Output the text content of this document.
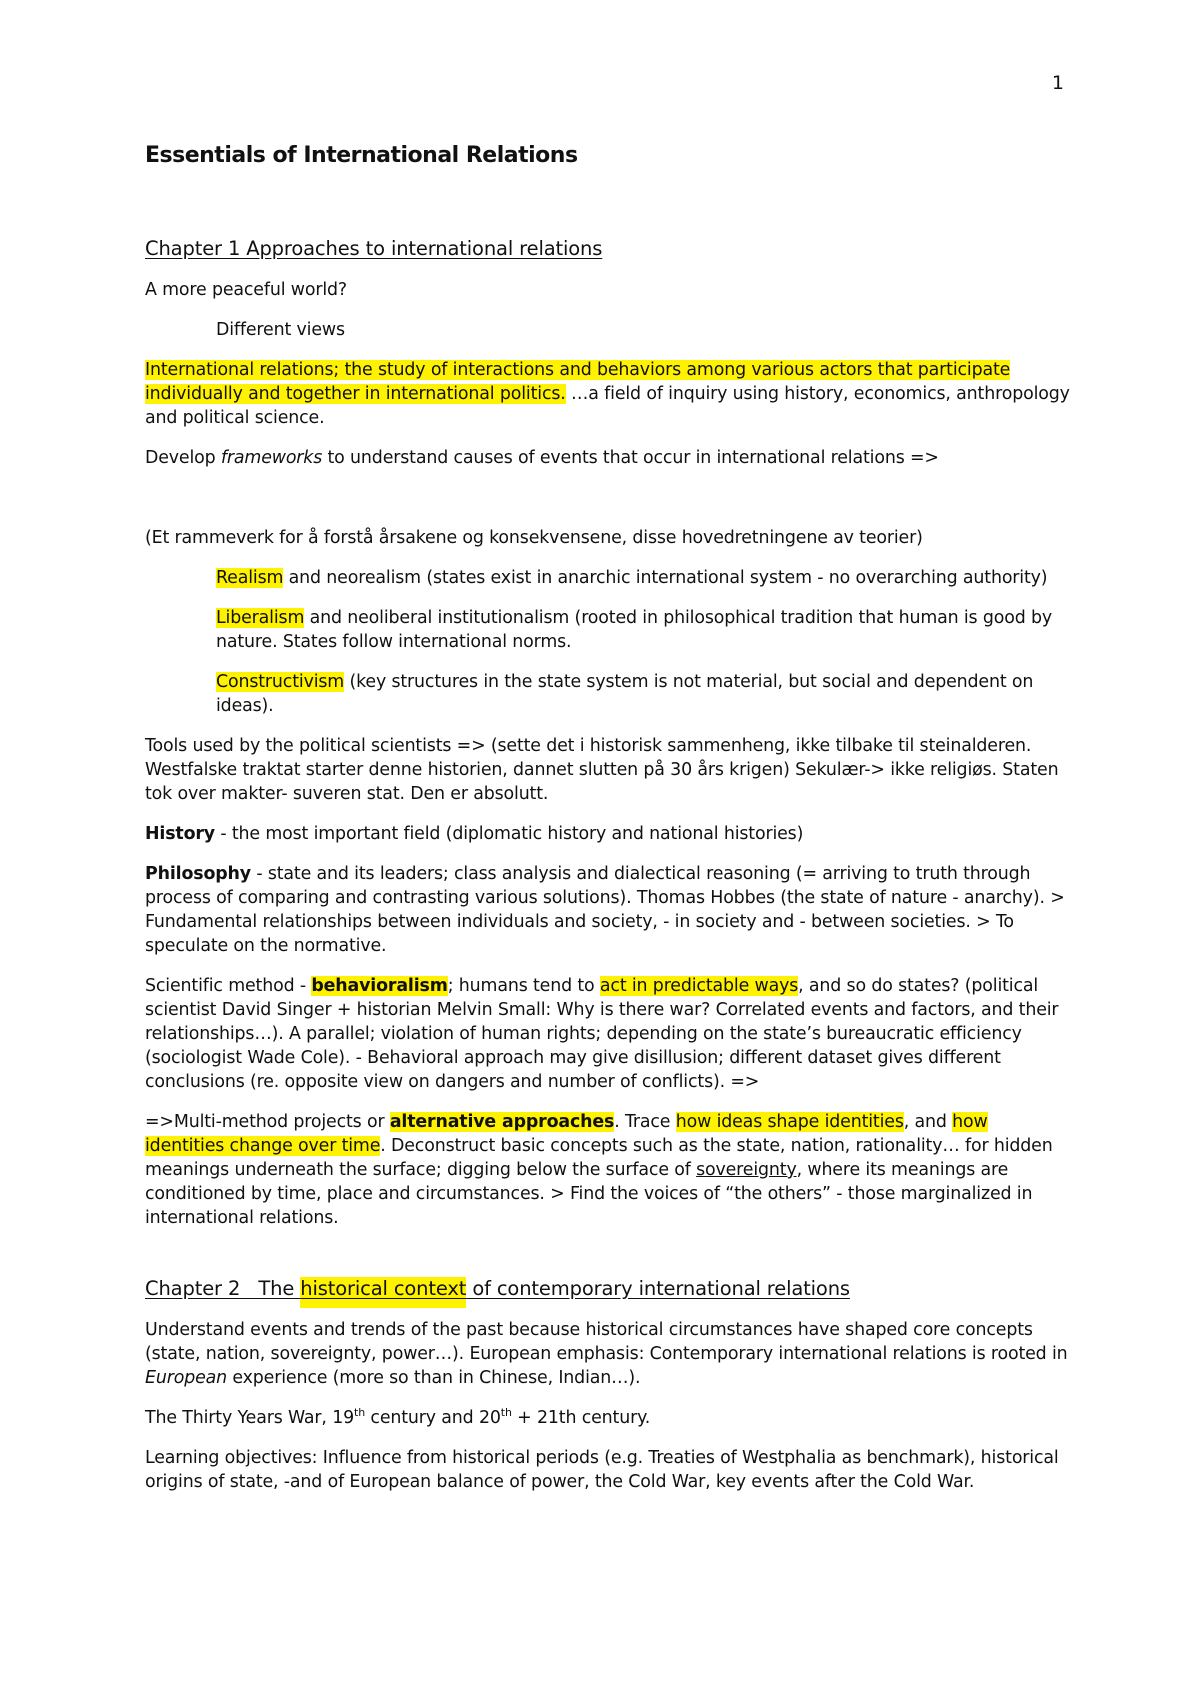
1
Essentials of International Relations
Chapter 1 Approaches to international relations

A more peaceful world?

Different views

International relations; the study of interactions and behaviors among various actors that participate individually and together in international politics. …a field of inquiry using history, economics, anthropology and political science.

Develop frameworks to understand causes of events that occur in international relations =>

(Et rammeverk for å forstå årsakene og konsekvensene, disse hovedretningene av teorier)

Realism and neorealism (states exist in anarchic international system - no overarching authority)

Liberalism and neoliberal institutionalism (rooted in philosophical tradition that human is good by nature. States follow international norms.

Constructivism (key structures in the state system is not material, but social and dependent on ideas).

Tools used by the political scientists => (sette det i historisk sammenheng, ikke tilbake til steinalderen. Westfalske traktat starter denne historien, dannet slutten på 30 års krigen) Sekulær-> ikke religiøs. Staten tok over makter- suveren stat. Den er absolutt.

History - the most important field (diplomatic history and national histories)

Philosophy - state and its leaders; class analysis and dialectical reasoning (= arriving to truth through process of comparing and contrasting various solutions). Thomas Hobbes (the state of nature - anarchy). > Fundamental relationships between individuals and society, - in society and - between societies. > To speculate on the normative.

Scientific method - behavioralism; humans tend to act in predictable ways, and so do states? (political scientist David Singer + historian Melvin Small: Why is there war? Correlated events and factors, and their relationships…). A parallel; violation of human rights; depending on the state’s bureaucratic efficiency (sociologist Wade Cole). - Behavioral approach may give disillusion; different dataset gives different conclusions (re. opposite view on dangers and number of conflicts). =>

=>Multi-method projects or alternative approaches. Trace how ideas shape identities, and how identities change over time. Deconstruct basic concepts such as the state, nation, rationality… for hidden meanings underneath the surface; digging below the surface of sovereignty, where its meanings are conditioned by time, place and circumstances. > Find the voices of “the others” - those marginalized in international relations.

Chapter 2   The historical context of contemporary international relations

Understand events and trends of the past because historical circumstances have shaped core concepts (state, nation, sovereignty, power…). European emphasis: Contemporary international relations is rooted in European experience (more so than in Chinese, Indian…).

The Thirty Years War, 19th century and 20th + 21th century.

Learning objectives: Influence from historical periods (e.g. Treaties of Westphalia as benchmark), historical origins of state, -and of European balance of power, the Cold War, key events after the Cold War.
